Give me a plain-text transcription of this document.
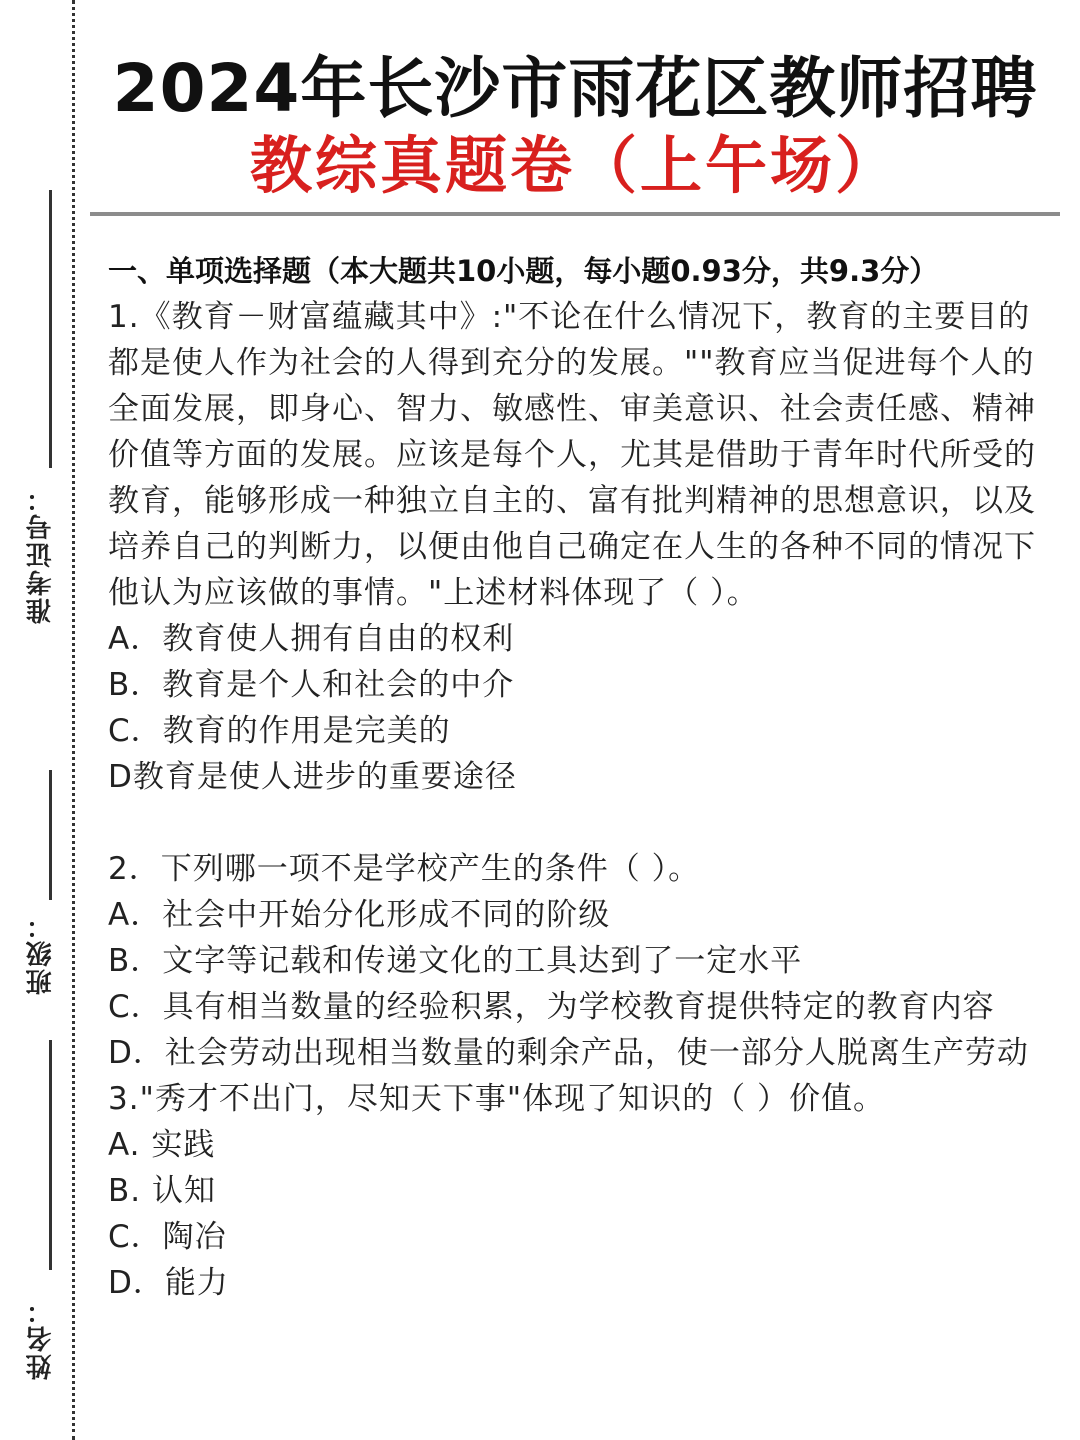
准考证号：
班级：
姓名：
2024年长沙市雨花区教师招聘
教综真题卷（上午场）

一、单项选择题（本大题共10小题，每小题0.93分，共9.3分）

1.《教育－财富蕴藏其中》:"不论在什么情况下，教育的主要目的都是使人作为社会的人得到充分的发展。""教育应当促进每个人的全面发展，即身心、智力、敏感性、审美意识、社会责任感、精神价值等方面的发展。应该是每个人，尤其是借助于青年时代所受的教育，能够形成一种独立自主的、富有批判精神的思想意识，以及培养自己的判断力，以便由他自己确定在人生的各种不同的情况下他认为应该做的事情。"上述材料体现了（ ）。

A．教育使人拥有自由的权利

B．教育是个人和社会的中介

C．教育的作用是完美的

D教育是使人进步的重要途径

2．下列哪一项不是学校产生的条件（ ）。

A．社会中开始分化形成不同的阶级

B．文字等记载和传递文化的工具达到了一定水平

C．具有相当数量的经验积累，为学校教育提供特定的教育内容

D．社会劳动出现相当数量的剩余产品，使一部分人脱离生产劳动

3."秀才不出门，尽知天下事"体现了知识的（ ）价值。

A. 实践

B. 认知

C．陶冶

D．能力
